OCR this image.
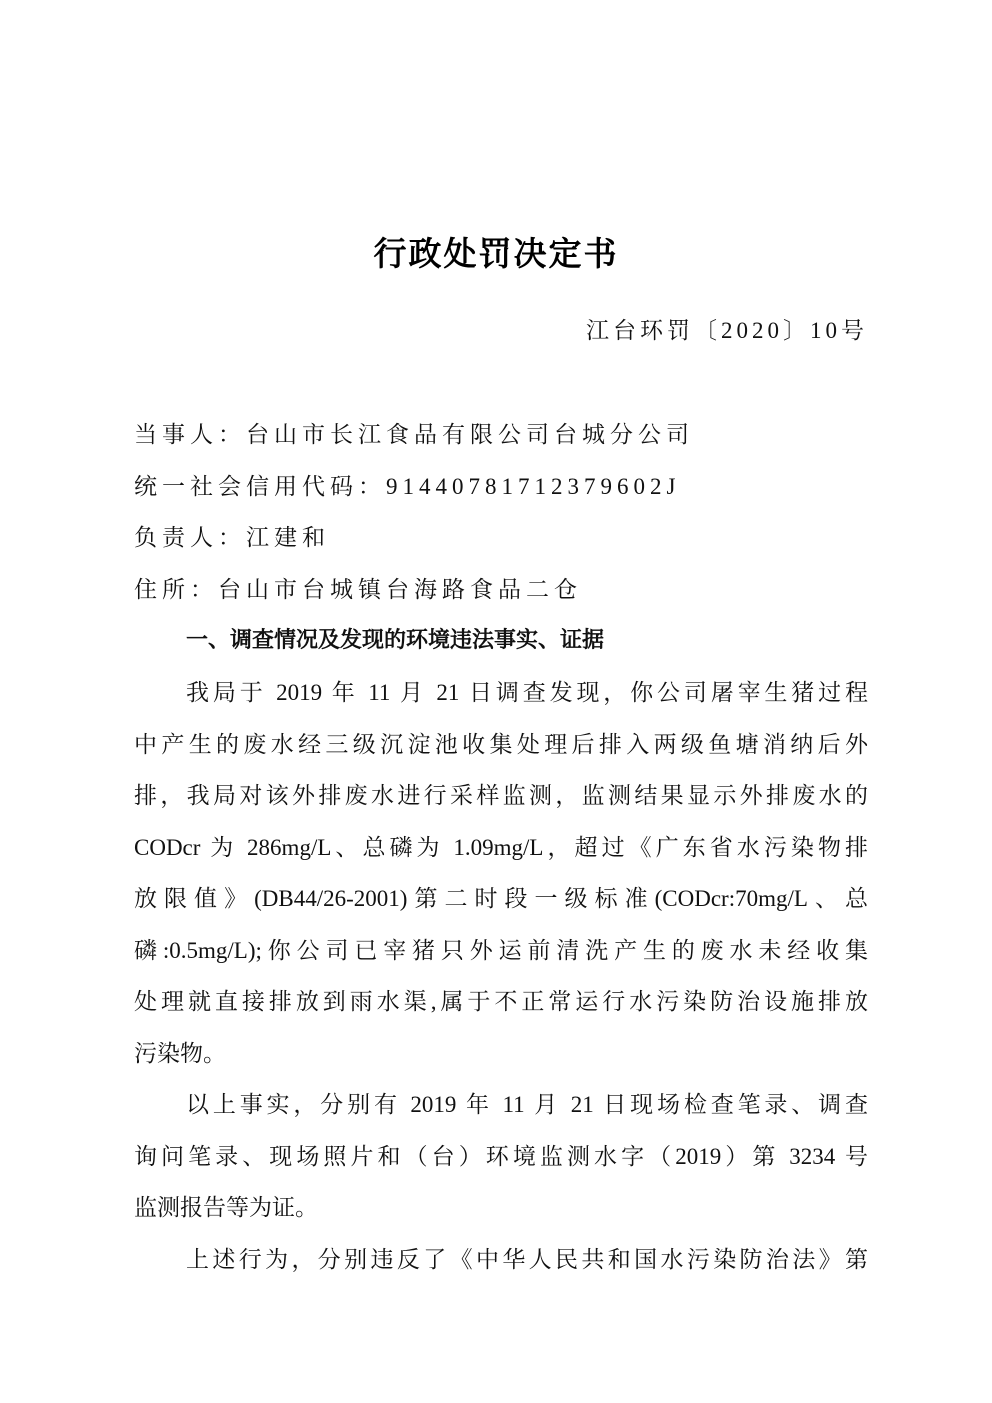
行政处罚决定书
江台环罚〔2020〕10号
当事人：台山市长江食品有限公司台城分公司
统一社会信用代码：91440781712379602J
负责人：江建和
住所：台山市台城镇台海路食品二仓
一、调查情况及发现的环境违法事实、证据
我局于 2019 年 11 月 21 日调查发现，你公司屠宰生猪过程
中产生的废水经三级沉淀池收集处理后排入两级鱼塘消纳后外
排，我局对该外排废水进行采样监测，监测结果显示外排废水的
CODcr 为 286mg/L、总磷为 1.09mg/L，超过《广东省水污染物排
放限值》(DB44/26-2001)第二时段一级标准(CODcr:70mg/L、总
磷:0.5mg/L);你公司已宰猪只外运前清洗产生的废水未经收集
处理就直接排放到雨水渠,属于不正常运行水污染防治设施排放
污染物。
以上事实，分别有 2019 年 11 月 21 日现场检查笔录、调查
询问笔录、现场照片和（台）环境监测水字（2019）第 3234 号
监测报告等为证。
上述行为，分别违反了《中华人民共和国水污染防治法》第
